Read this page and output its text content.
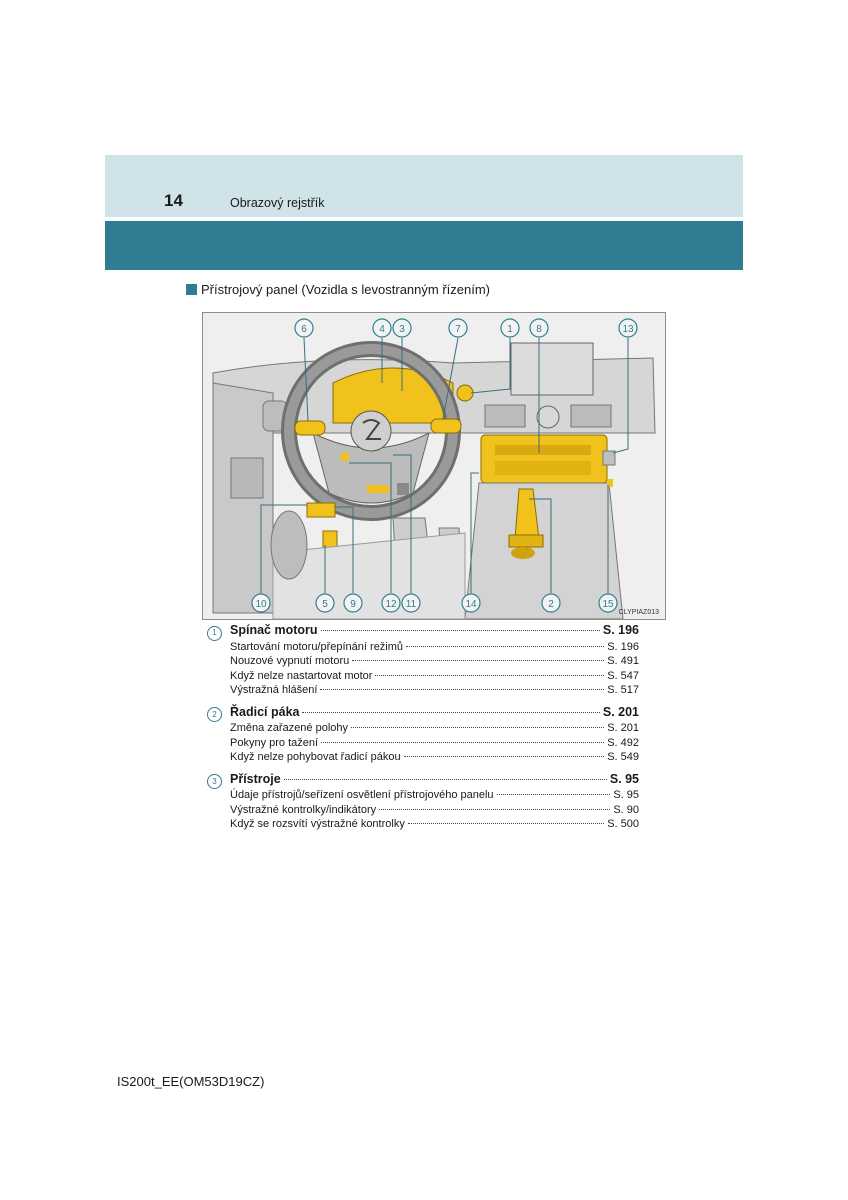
14	Obrazový rejstřík
Přístrojový panel (Vozidla s levostranným řízením)
6	4 3	7	1 8	13
10	5 9	12 11	14	2	15
CLYPIAZ013
1	Spínač motoru	S. 196
Startování motoru/přepínání režimů	S. 196
Nouzové vypnutí motoru	S. 491
Když nelze nastartovat motor	S. 547
Výstražná hlášení	S. 517
2	Řadicí páka	S. 201
Změna zařazené polohy	S. 201
Pokyny pro tažení	S. 492
Když nelze pohybovat řadicí pákou	S. 549
3	Přístroje	S. 95
Údaje přístrojů/seřízení osvětlení přístrojového panelu	S. 95
Výstražné kontrolky/indikátory	S. 90
Když se rozsvítí výstražné kontrolky	S. 500
IS200t_EE(OM53D19CZ)
